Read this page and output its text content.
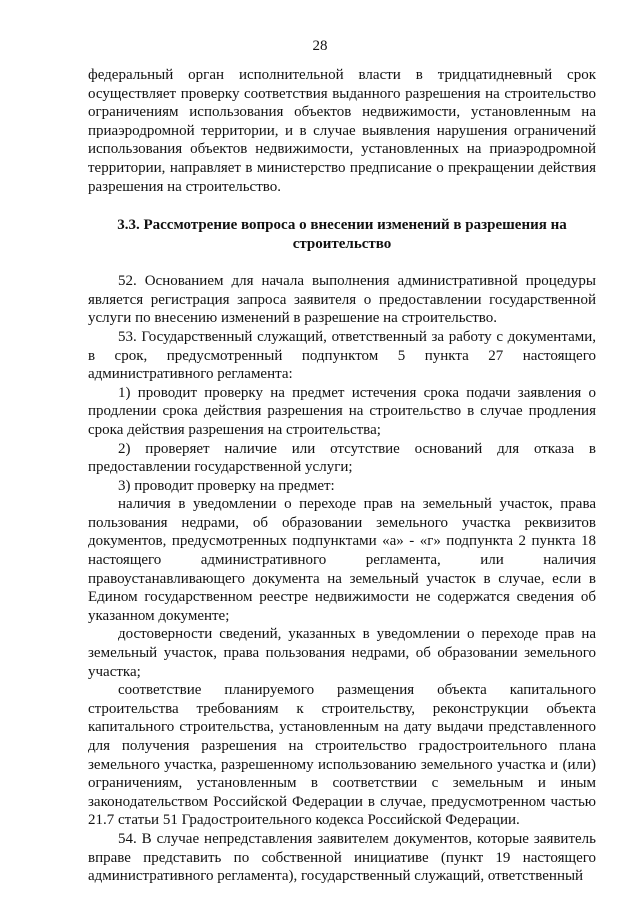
28

федеральный орган исполнительной власти в тридцатидневный срок осуществляет проверку соответствия выданного разрешения на строительство ограничениям использования объектов недвижимости, установленным на приаэродромной территории, и в случае выявления нарушения ограничений использования объектов недвижимости, установленных на приаэродромной территории, направляет в министерство предписание о прекращении действия разрешения на строительство.

3.3. Рассмотрение вопроса о внесении изменений в разрешения на строительство

52. Основанием для начала выполнения административной процедуры является регистрация запроса заявителя о предоставлении государственной услуги по внесению изменений в разрешение на строительство.

53. Государственный служащий, ответственный за работу с документами, в срок, предусмотренный подпунктом 5 пункта 27 настоящего административного регламента:

1) проводит проверку на предмет истечения срока подачи заявления о продлении срока действия разрешения на строительство в случае продления срока действия разрешения на строительства;

2) проверяет наличие или отсутствие оснований для отказа в предоставлении государственной услуги;

3) проводит проверку на предмет:

наличия в уведомлении о переходе прав на земельный участок, права пользования недрами, об образовании земельного участка реквизитов документов, предусмотренных подпунктами «а» - «г» подпункта 2 пункта 18 настоящего административного регламента, или наличия правоустанавливающего документа на земельный участок в случае, если в Едином государственном реестре недвижимости не содержатся сведения об указанном документе;

достоверности сведений, указанных в уведомлении о переходе прав на земельный участок, права пользования недрами, об образовании земельного участка;

соответствие планируемого размещения объекта капитального строительства требованиям к строительству, реконструкции объекта капитального строительства, установленным на дату выдачи представленного для получения разрешения на строительство градостроительного плана земельного участка, разрешенному использованию земельного участка и (или) ограничениям, установленным в соответствии с земельным и иным законодательством Российской Федерации в случае, предусмотренном частью 21.7 статьи 51 Градостроительного кодекса Российской Федерации.

54. В случае непредставления заявителем документов, которые заявитель вправе представить по собственной инициативе (пункт 19 настоящего административного регламента), государственный служащий, ответственный
